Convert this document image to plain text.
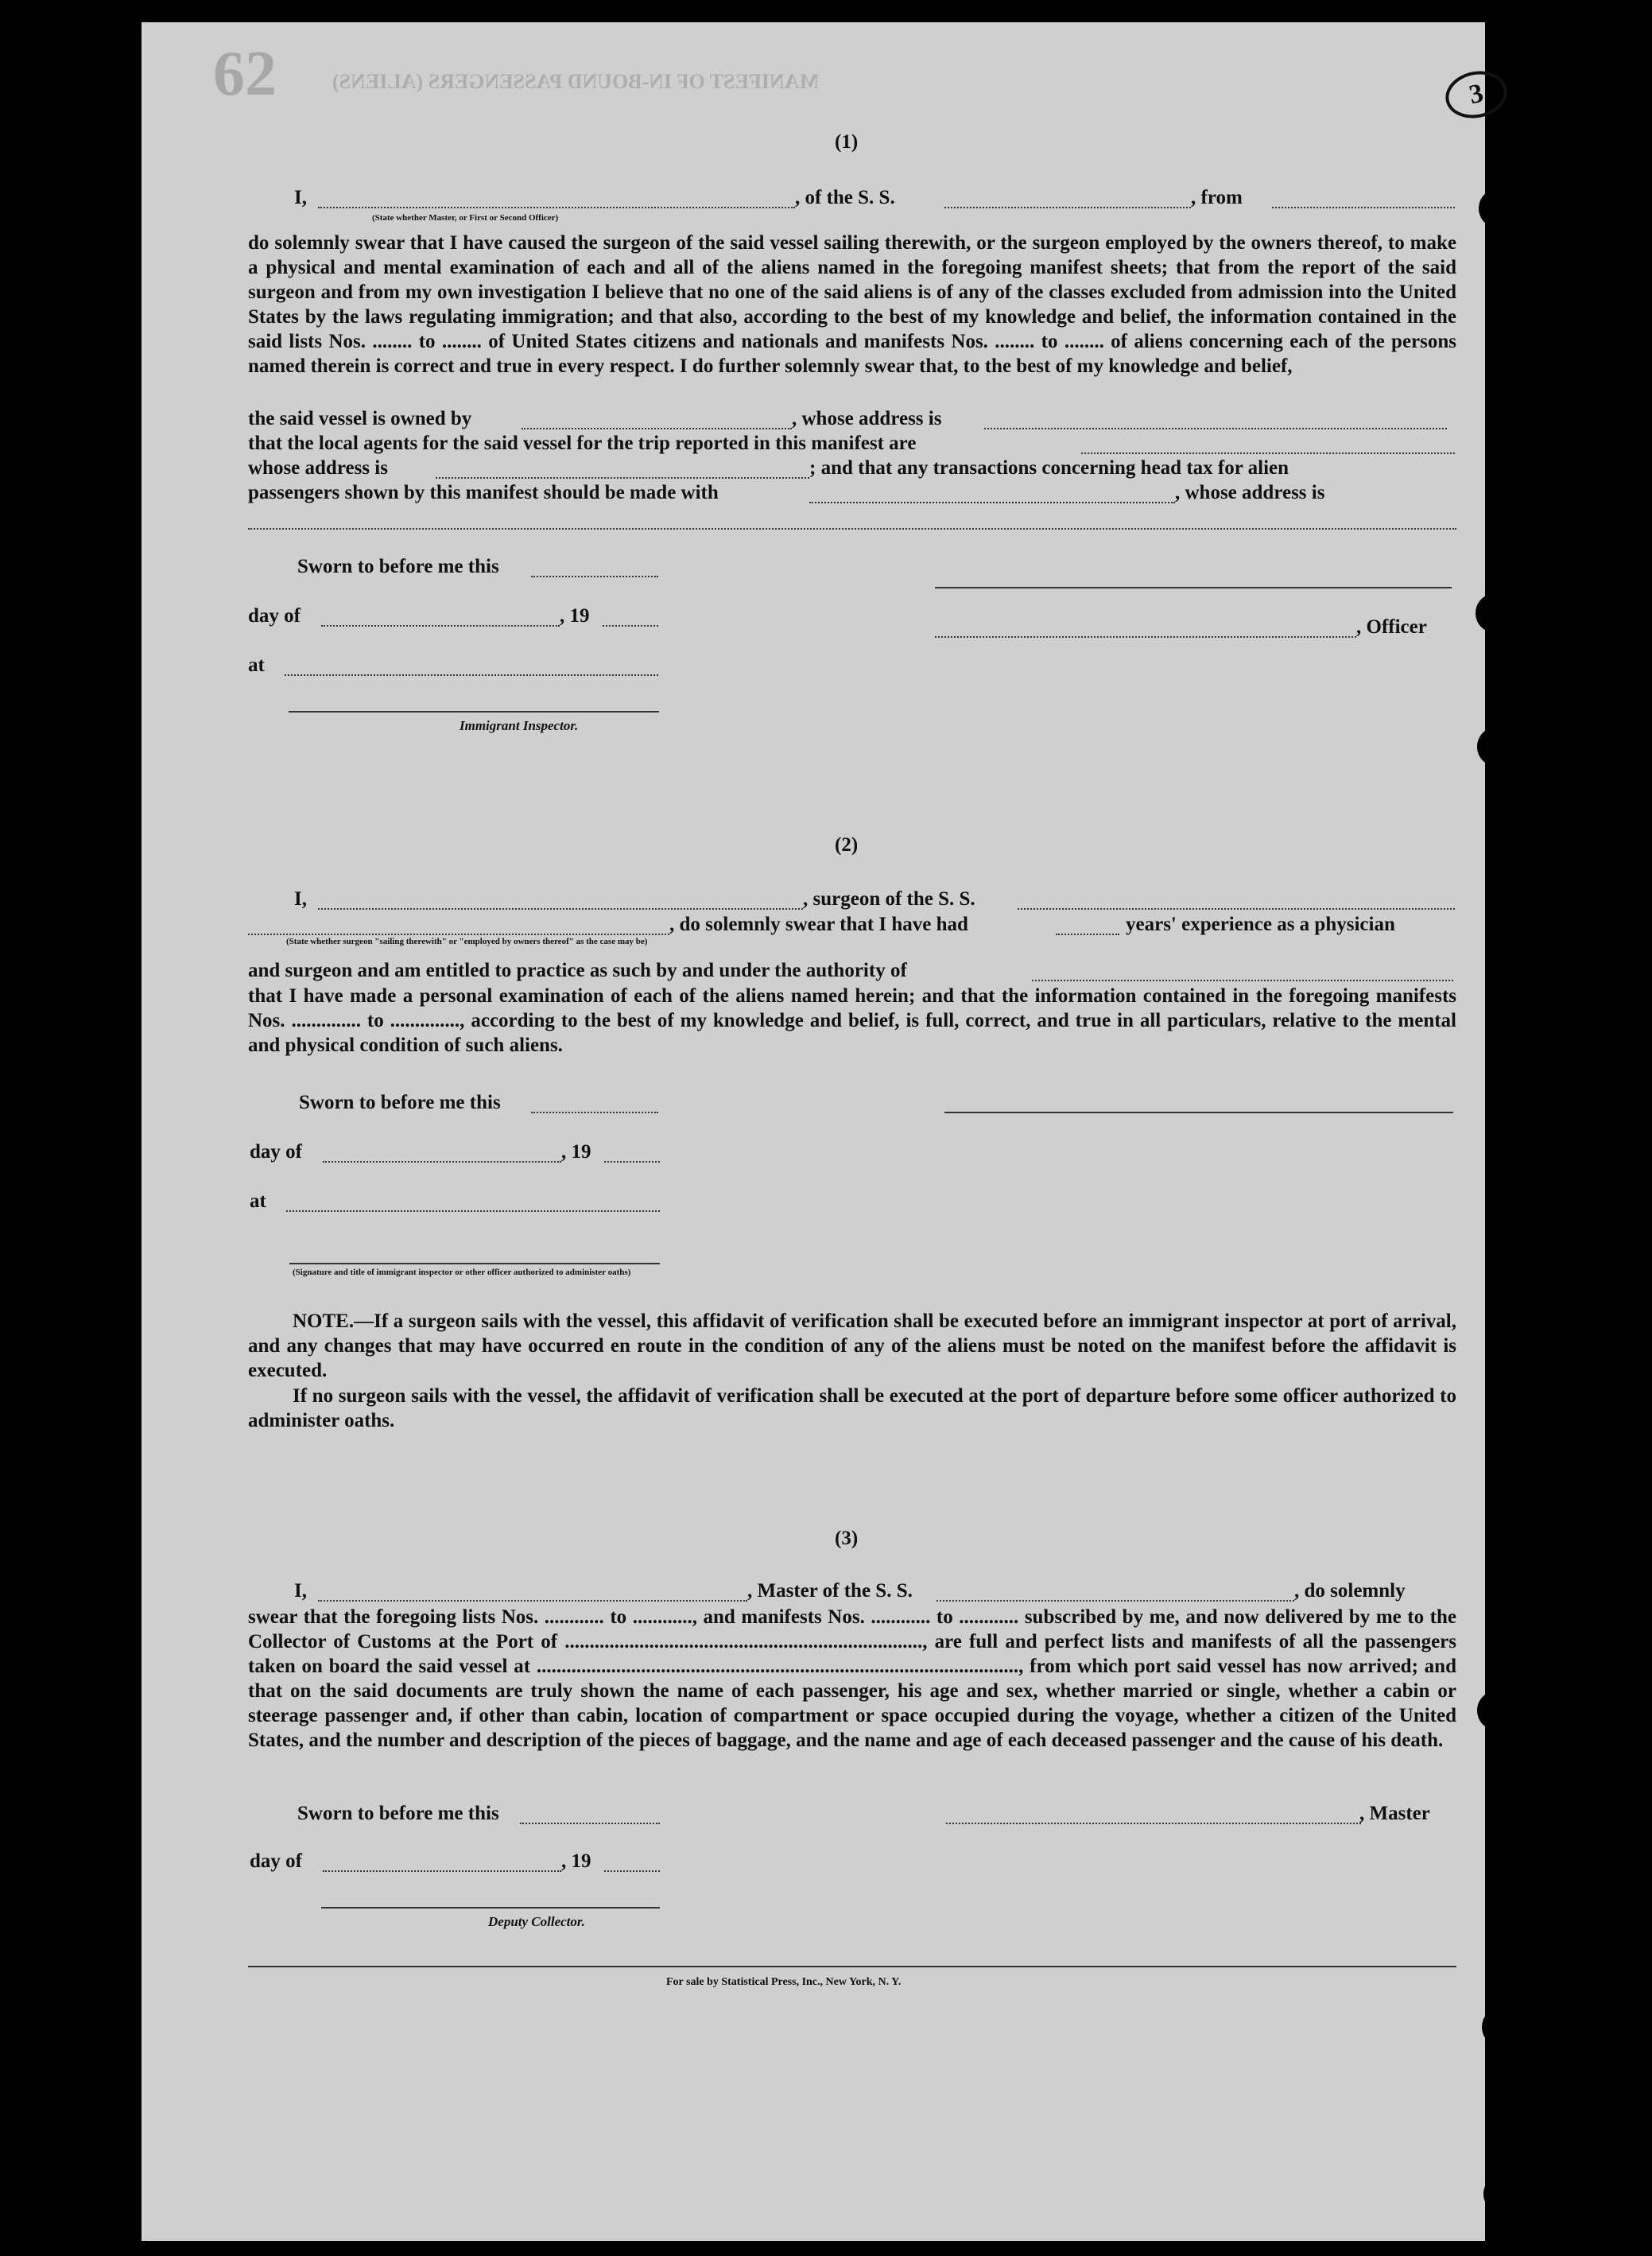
62	MANIFEST OF IN-BOUND PASSENGERS (ALIENS)	3
(1)
I,	, of the S. S.	, from
(State whether Master, or First or Second Officer)
do solemnly swear that I have caused the surgeon of the said vessel sailing therewith, or the surgeon employed by the owners thereof, to make a physical and mental examination of each and all of the aliens named in the foregoing manifest sheets; that from the report of the said surgeon and from my own investigation I believe that no one of the said aliens is of any of the classes excluded from admission into the United States by the laws regulating immigration; and that also, according to the best of my knowledge and belief, the information contained in the said lists Nos. ........ to ........ of United States citizens and nationals and manifests Nos. ........ to ........ of aliens concerning each of the persons named therein is correct and true in every respect. I do further solemnly swear that, to the best of my knowledge and belief,
the said vessel is owned by	, whose address is
that the local agents for the said vessel for the trip reported in this manifest are
whose address is	; and that any transactions concerning head tax for alien
passengers shown by this manifest should be made with	, whose address is
Sworn to before me this
day of	, 19
, Officer
at
Immigrant Inspector.
(2)
I,	, surgeon of the S. S.
, do solemnly swear that I have had	years' experience as a physician
(State whether surgeon "sailing therewith" or "employed by owners thereof" as the case may be)
and surgeon and am entitled to practice as such by and under the authority of
that I have made a personal examination of each of the aliens named herein; and that the information contained in the foregoing manifests Nos. .............. to .............., according to the best of my knowledge and belief, is full, correct, and true in all particulars, relative to the mental and physical condition of such aliens.
Sworn to before me this
day of	, 19
at
(Signature and title of immigrant inspector or other officer authorized to administer oaths)
NOTE.—If a surgeon sails with the vessel, this affidavit of verification shall be executed before an immigrant inspector at port of arrival, and any changes that may have occurred en route in the condition of any of the aliens must be noted on the manifest before the affidavit is executed.
If no surgeon sails with the vessel, the affidavit of verification shall be executed at the port of departure before some officer authorized to administer oaths.
(3)
I,	, Master of the S. S.	, do solemnly
swear that the foregoing lists Nos. ............ to ............, and manifests Nos. ............ to ............ subscribed by me, and now delivered by me to the Collector of Customs at the Port of ........................................................................, are full and perfect lists and manifests of all the passengers taken on board the said vessel at ................................................................................................., from which port said vessel has now arrived; and that on the said documents are truly shown the name of each passenger, his age and sex, whether married or single, whether a cabin or steerage passenger and, if other than cabin, location of compartment or space occupied during the voyage, whether a citizen of the United States, and the number and description of the pieces of baggage, and the name and age of each deceased passenger and the cause of his death.
Sworn to before me this	, Master
day of	, 19
Deputy Collector.
For sale by Statistical Press, Inc., New York, N. Y.
